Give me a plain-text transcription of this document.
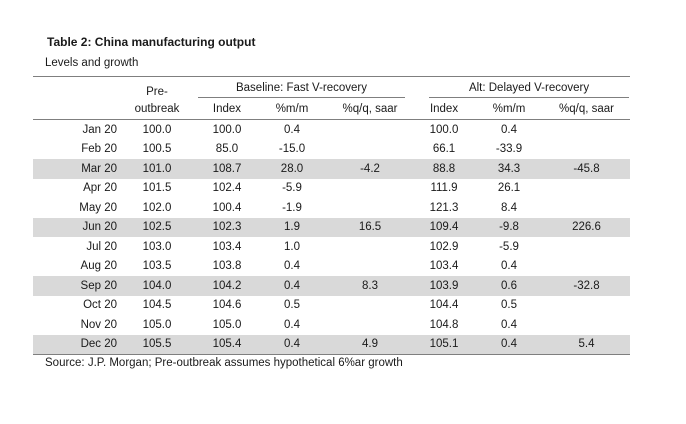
Table 2: China manufacturing output
Levels and growth
	Pre-	Baseline: Fast V-recovery			Alt: Delayed V-recovery		

	outbreak	Index	%m/m	%q/q, saar	Index	%m/m	%q/q, saar
Jan 20	100.0	100.0	0.4		100.0	0.4	
Feb 20	100.5	85.0	-15.0		66.1	-33.9	
Mar 20	101.0	108.7	28.0	-4.2	88.8	34.3	-45.8
Apr 20	101.5	102.4	-5.9		111.9	26.1	
May 20	102.0	100.4	-1.9		121.3	8.4	
Jun 20	102.5	102.3	1.9	16.5	109.4	-9.8	226.6
Jul 20	103.0	103.4	1.0		102.9	-5.9	
Aug 20	103.5	103.8	0.4		103.4	0.4	
Sep 20	104.0	104.2	0.4	8.3	103.9	0.6	-32.8
Oct 20	104.5	104.6	0.5		104.4	0.5	
Nov 20	105.0	105.0	0.4		104.8	0.4	
Dec 20	105.5	105.4	0.4	4.9	105.1	0.4	5.4
Source: J.P. Morgan; Pre-outbreak assumes hypothetical 6%ar growth
